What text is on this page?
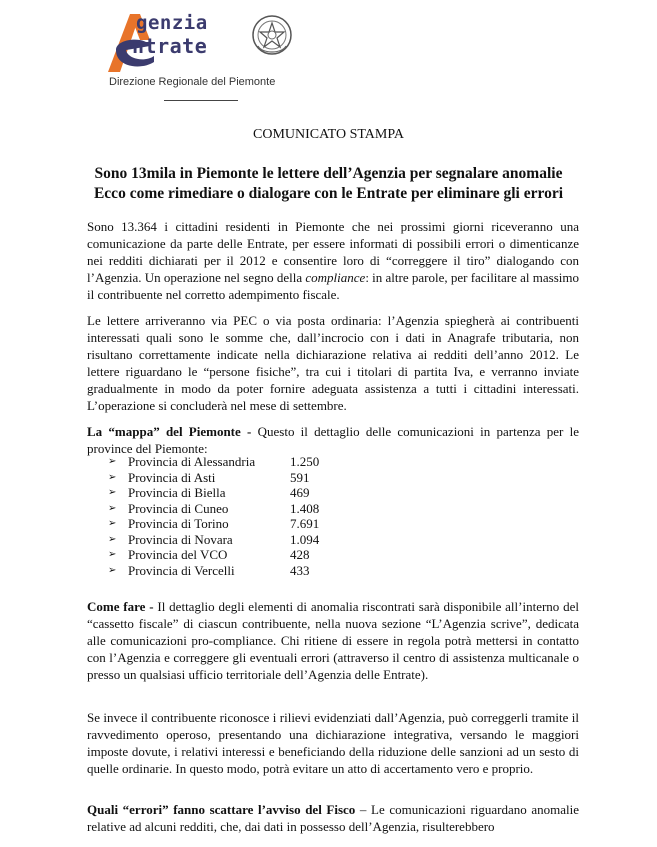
genzia
ntrate
Direzione Regionale del Piemonte
COMUNICATO STAMPA
Sono 13mila in Piemonte le lettere dell’Agenzia per segnalare anomalie
Ecco come rimediare o dialogare con le Entrate per eliminare gli errori
Sono 13.364 i cittadini residenti in Piemonte che nei prossimi giorni riceveranno una comunicazione da parte delle Entrate, per essere informati di possibili errori o dimenticanze nei redditi dichiarati per il 2012 e consentire loro di “correggere il tiro” dialogando con l’Agenzia. Un operazione nel segno della compliance: in altre parole, per facilitare al massimo il contribuente nel corretto adempimento fiscale.
Le lettere arriveranno via PEC o via posta ordinaria: l’Agenzia spiegherà ai contribuenti interessati quali sono le somme che, dall’incrocio con i dati in Anagrafe tributaria, non risultano correttamente indicate nella dichiarazione relativa ai redditi dell’anno 2012. Le lettere riguardano le “persone fisiche”, tra cui i titolari di partita Iva, e verranno inviate gradualmente in modo da poter fornire adeguata assistenza a tutti i cittadini interessati. L’operazione si concluderà nel mese di settembre.
La “mappa” del Piemonte - Questo il dettaglio delle comunicazioni in partenza per le province del Piemonte:
➢ Provincia di Alessandria	1.250
➢ Provincia di Asti	591
➢ Provincia di Biella	469
➢ Provincia di Cuneo	1.408
➢ Provincia di Torino	7.691
➢ Provincia di Novara	1.094
➢ Provincia del VCO	428
➢ Provincia di Vercelli	433
Come fare - Il dettaglio degli elementi di anomalia riscontrati sarà disponibile all’interno del “cassetto fiscale” di ciascun contribuente, nella nuova sezione “L’Agenzia scrive”, dedicata alle comunicazioni pro-compliance. Chi ritiene di essere in regola potrà mettersi in contatto con l’Agenzia e correggere gli eventuali errori (attraverso il centro di assistenza multicanale o presso un qualsiasi ufficio territoriale dell’Agenzia delle Entrate).
Se invece il contribuente riconosce i rilievi evidenziati dall’Agenzia, può correggerli tramite il ravvedimento operoso, presentando una dichiarazione integrativa, versando le maggiori imposte dovute, i relativi interessi e beneficiando della riduzione delle sanzioni ad un sesto di quelle ordinarie. In questo modo, potrà evitare un atto di accertamento vero e proprio.
Quali “errori” fanno scattare l’avviso del Fisco – Le comunicazioni riguardano anomalie relative ad alcuni redditi, che, dai dati in possesso dell’Agenzia, risulterebbero
